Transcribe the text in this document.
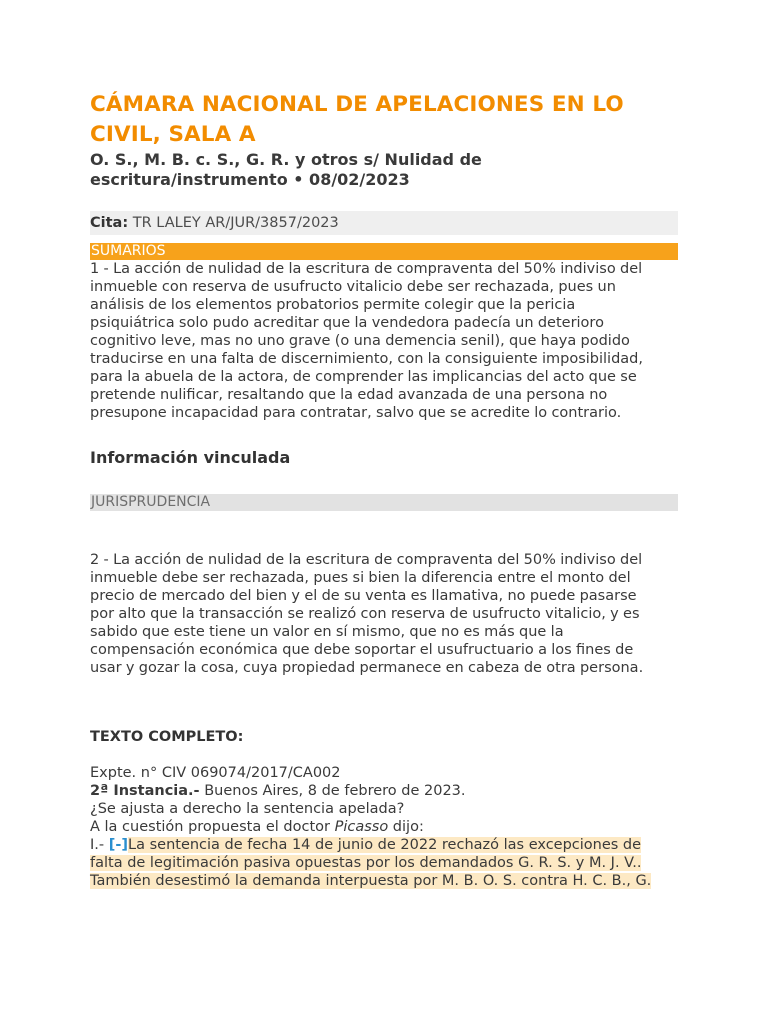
CÁMARA NACIONAL DE APELACIONES EN LO
CIVIL, SALA A
O. S., M. B. c. S., G. R. y otros s/ Nulidad de
escritura/instrumento • 08/02/2023
Cita: TR LALEY AR/JUR/3857/2023
SUMARIOS

1 - La acción de nulidad de la escritura de compraventa del 50% indiviso del
inmueble con reserva de usufructo vitalicio debe ser rechazada, pues un
análisis de los elementos probatorios permite colegir que la pericia
psiquiátrica solo pudo acreditar que la vendedora padecía un deterioro
cognitivo leve, mas no uno grave (o una demencia senil), que haya podido
traducirse en una falta de discernimiento, con la consiguiente imposibilidad,
para la abuela de la actora, de comprender las implicancias del acto que se
pretende nulificar, resaltando que la edad avanzada de una persona no
presupone incapacidad para contratar, salvo que se acredite lo contrario.

Información vinculada
JURISPRUDENCIA

2 - La acción de nulidad de la escritura de compraventa del 50% indiviso del
inmueble debe ser rechazada, pues si bien la diferencia entre el monto del
precio de mercado del bien y el de su venta es llamativa, no puede pasarse
por alto que la transacción se realizó con reserva de usufructo vitalicio, y es
sabido que este tiene un valor en sí mismo, que no es más que la
compensación económica que debe soportar el usufructuario a los fines de
usar y gozar la cosa, cuya propiedad permanece en cabeza de otra persona.

TEXTO COMPLETO:
Expte. n° CIV 069074/2017/CA002
2ª Instancia.- Buenos Aires, 8 de febrero de 2023.
¿Se ajusta a derecho la sentencia apelada?
A la cuestión propuesta el doctor Picasso dijo:
I.- [-]La sentencia de fecha 14 de junio de 2022 rechazó las excepciones de
falta de legitimación pasiva opuestas por los demandados G. R. S. y M. J. V..
También desestimó la demanda interpuesta por M. B. O. S. contra H. C. B., G.
